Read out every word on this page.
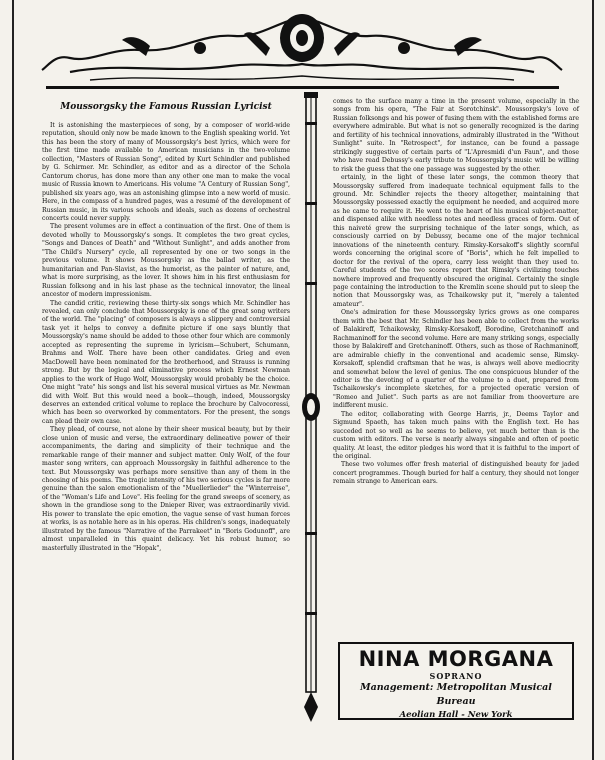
Moussorgsky the Famous Russian Lyricist

It is astonishing the masterpieces of song, by a composer of world-wide reputation, should only now be made known to the English speaking world. Yet this has been the story of many of Moussorgsky's best lyrics, which were for the first time made available to American musicians in the two-volume collection, "Masters of Russian Song", edited by Kurt Schindler and published by G. Schirmer. Mr. Schindler, as editor and as a director of the Schola Cantorum chorus, has done more than any other one man to make the vocal music of Russia known to Americans. His volume "A Century of Russian Song", published six years ago, was an astonishing glimpse into a new world of music. Here, in the compass of a hundred pages, was a resumé of the development of Russian music, in its various schools and ideals, such as dozens of orchestral concerts could never supply.

The present volumes are in effect a continuation of the first. One of them is devoted wholly to Moussorgsky's songs. It completes the two great cycles, "Songs and Dances of Death" and "Without Sunlight", and adds another from "The Child's Nursery" cycle, all represented by one or two songs in the previous volume. It shows Moussorgsky as the ballad writer, as the humanitarian and Pan-Slavist, as the humorist, as the painter of nature, and, what is more surprising, as the lover. It shows him in his first enthusiasm for Russian folksong and in his last phase as the technical innovator, the lineal ancestor of modern impressionism.

The candid critic, reviewing these thirty-six songs which Mr. Schindler has revealed, can only conclude that Moussorgsky is one of the great song writers of the world. The "placing" of composers is always a slippery and controversial task yet it helps to convey a definite picture if one says bluntly that Moussorgsky's name should be added to those other four which are commonly accepted as representing the supreme in lyricism—Schubert, Schumann, Brahms and Wolf. There have been other candidates. Grieg and even MacDowell have been nominated for the brotherhood, and Strauss is running strong. But by the logical and eliminative process which Ernest Newman applies to the work of Hugo Wolf, Moussorgsky would probably be the choice. One might "rate" his songs and list his several musical virtues as Mr. Newman did with Wolf. But this would need a book—though, indeed, Moussorgsky deserves an extended critical volume to replace the brochure by Calvocoressi, which has been so overworked by commentators. For the present, the songs can plead their own case.

They plead, of course, not alone by their sheer musical beauty, but by their close union of music and verse, the extraordinary delineative power of their accompaniments, the daring and simplicity of their technique and the remarkable range of their manner and subject matter. Only Wolf, of the four master song writers, can approach Moussorgsky in faithful adherence to the text. But Moussorgsky was perhaps more sensitive than any of them in the choosing of his poems. The tragic intensity of his two serious cycles is far more genuine than the salon emotionalism of the "Muellerlieder" the "Winterreise", of the "Woman's Life and Love". His feeling for the grand sweeps of scenery, as shown in the grandiose song to the Dnieper River, was extraordinarily vivid. His power to translate the epic emotion, the vague sense of vast human forces at works, is as notable here as in his operas. His children's songs, inadequately illustrated by the famous "Narrative of the Parrakeet" in "Boris Godunoff", are almost unparalleled in this quaint delicacy. Yet his robust humor, so masterfully illustrated in the "Hopak",

comes to the surface many a time in the present volume, especially in the songs from his opera, "The Fair at Sorotchinsk". Moussorgsky's love of Russian folksongs and his power of fusing them with the established forms are everywhere admirable. But what is not so generally recognized is the daring and fertility of his technical innovations, admirably illustrated in the "Without Sunlight" suite. In "Retrospect", for instance, can be found a passage strikingly suggestive of certain parts of "L'Apresmidi d'un Faun", and those who have read Debussy's early tribute to Moussorgsky's music will be willing to risk the guess that the one passage was suggested by the other.

ertainly, in the light of these later songs, the common theory that Moussorgsky suffered from inadequate technical equipment falls to the ground. Mr. Schindler rejects the theory altogether, maintaining that Moussorgsky possessed exactly the equipment he needed, and acquired more as he came to require it. He went to the heart of his musical subject-matter, and dispensed alike with needless notes and needless graces of form. Out of this naiveté grew the surprising technique of the later songs, which, as consciously carried on by Debussy, became one of the major technical innovations of the nineteenth century. Rimsky-Korsakoff's slightly scornful words concerning the original score of "Boris", which he felt impelled to doctor for the revival of the opera, carry less weight than they used to. Careful students of the two scores report that Rimsky's civilizing touches nowhere improved and frequently obscured the original. Certainly the single page containing the introduction to the Kremlin scene should put to sleep the notion that Moussorgsky was, as Tchaikowsky put it, "merely a talented amateur".

One's admiration for these Moussorgsky lyrics grows as one compares them with the best that Mr. Schindler has been able to collect from the works of Balakireff, Tchaikowsky, Rimsky-Korsakoff, Borodine, Gretchaninoff and Rachmaninoff for the second volume. Here are many striking songs, especially those by Balakireff and Gretchaninoff. Others, such as those of Rachmaninoff, are admirable chiefly in the conventional and academic sense, Rimsky-Korsakoff, splendid craftsman that he was, is always well above mediocrity and somewhat below the level of genius. The one conspicuous blunder of the editor is the devoting of a quarter of the volume to a duet, prepared from Tschaikowsky's incomplete sketches, for a projected operatic version of "Romeo and Juliet". Such parts as are not familiar from thooverture are indifferent music.

The editor, collaborating with George Harris, jr., Deems Taylor and Sigmund Spaeth, has taken much pains with the English text. He has succeded not so well as he seems to believe, yet much better than is the custom with editors. The verse is nearly always singable and often of poetic quality. At least, the editor pledges his word that it is faithful to the import of the original.

These two volumes offer fresh material of distinguished beauty for jaded concert programmes. Though buried for half a century, they should not longer remain strange to American ears.

NINA MORGANA
SOPRANO
Management: Metropolitan Musical Bureau
Aeolian Hall - New York
